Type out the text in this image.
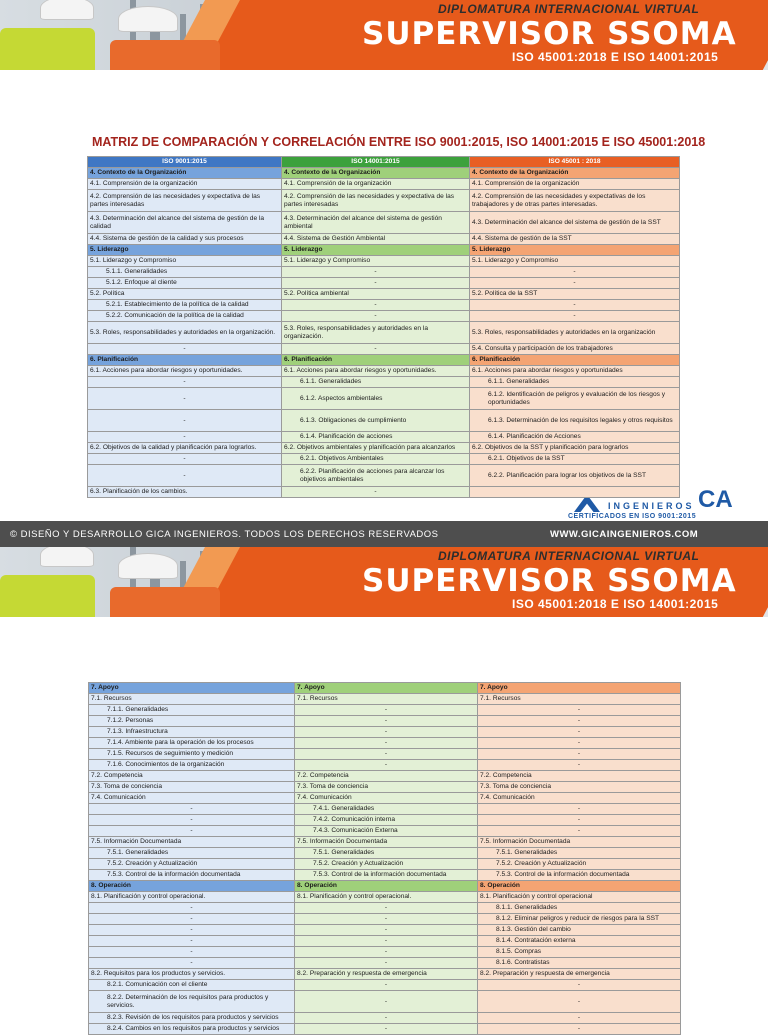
DIPLOMATURA INTERNACIONAL VIRTUAL
SUPERVISOR SSOMA
ISO 45001:2018 E ISO 14001:2015
MATRIZ DE COMPARACIÓN Y CORRELACIÓN ENTRE ISO 9001:2015, ISO 14001:2015 E ISO 45001:2018
ISO 9001:2015	ISO 14001:2015	ISO 45001 : 2018
4. Contexto de la Organización	4. Contexto de la Organización	4. Contexto de la Organización
4.1. Comprensión de la organización	4.1. Comprensión de la organización	4.1. Comprensión de la organización
4.2. Comprensión de las necesidades y expectativa de las partes interesadas	4.2. Comprensión de las necesidades y expectativa de las partes interesadas	4.2. Comprensión de las necesidades y expectativas de los trabajadores y de otras partes interesadas.
4.3. Determinación del alcance del sistema de gestión de la calidad	4.3. Determinación del alcance del sistema de gestión ambiental	4.3. Determinación del alcance del sistema de gestión de la SST
4.4. Sistema de gestión de la calidad y sus procesos	4.4. Sistema de Gestión Ambiental	4.4. Sistema de gestión de la SST
5. Liderazgo	5. Liderazgo	5. Liderazgo
5.1. Liderazgo y Compromiso	5.1. Liderazgo y Compromiso	5.1. Liderazgo y Compromiso
5.1.1. Generalidades	-	-
5.1.2. Enfoque al cliente	-	-
5.2. Política	5.2. Política ambiental	5.2. Política de la SST
5.2.1. Establecimiento de la política de la calidad	-	-
5.2.2. Comunicación de la política de la calidad	-	-
5.3. Roles, responsabilidades y autoridades en la organización.	5.3. Roles, responsabilidades y autoridades en la organización.	5.3. Roles, responsabilidades y autoridades en la organización
-	-	5.4. Consulta y participación de los trabajadores
6. Planificación	6. Planificación	6. Planificación
6.1. Acciones para abordar riesgos y oportunidades.	6.1. Acciones para abordar riesgos y oportunidades.	6.1. Acciones para abordar riesgos y oportunidades
-	6.1.1. Generalidades	6.1.1. Generalidades
-	6.1.2. Aspectos ambientales	6.1.2. Identificación de peligros y evaluación de los riesgos y oportunidades
-	6.1.3. Obligaciones de cumplimiento	6.1.3. Determinación de los requisitos legales y otros requisitos
-	6.1.4. Planificación de acciones	6.1.4. Planificación de Acciones
6.2. Objetivos de la calidad y planificación para lograrlos.	6.2. Objetivos ambientales y planificación para alcanzarlos	6.2. Objetivos de la SST y planificación para lograrlos
-	6.2.1. Objetivos Ambientales	6.2.1. Objetivos de la SST
-	6.2.2. Planificación de acciones para alcanzar los objetivos ambientales	6.2.2. Planificación para lograr los objetivos de la SST
6.3. Planificación de los cambios.	-	
INGENIEROS CA
CERTIFICADOS EN ISO 9001:2015
© DISEÑO Y DESARROLLO GICA INGENIEROS. TODOS LOS DERECHOS RESERVADOS	WWW.GICAINGENIEROS.COM
DIPLOMATURA INTERNACIONAL VIRTUAL
SUPERVISOR SSOMA
ISO 45001:2018 E ISO 14001:2015
7. Apoyo	7. Apoyo	7. Apoyo
7.1. Recursos	7.1. Recursos	7.1. Recursos
7.1.1. Generalidades	-	-
7.1.2. Personas	-	-
7.1.3. Infraestructura	-	-
7.1.4. Ambiente para la operación de los procesos	-	-
7.1.5. Recursos de seguimiento y medición	-	-
7.1.6. Conocimientos de la organización	-	-
7.2. Competencia	7.2. Competencia	7.2. Competencia
7.3. Toma de conciencia	7.3. Toma de conciencia	7.3. Toma de conciencia
7.4. Comunicación	7.4. Comunicación	7.4. Comunicación
-	7.4.1. Generalidades	-
-	7.4.2. Comunicación interna	-
-	7.4.3. Comunicación Externa	-
7.5. Información Documentada	7.5. Información Documentada	7.5. Información Documentada
7.5.1. Generalidades	7.5.1. Generalidades	7.5.1. Generalidades
7.5.2. Creación y Actualización	7.5.2. Creación y Actualización	7.5.2. Creación y Actualización
7.5.3. Control de la información documentada	7.5.3. Control de la información documentada	7.5.3. Control de la información documentada
8. Operación	8. Operación	8. Operación
8.1. Planificación y control operacional.	8.1. Planificación y control operacional.	8.1. Planificación y control operacional
-	-	8.1.1. Generalidades
-	-	8.1.2. Eliminar peligros y reducir de riesgos para la SST
-	-	8.1.3. Gestión del cambio
-	-	8.1.4. Contratación externa
-	-	8.1.5. Compras
-	-	8.1.6. Contratistas
8.2. Requisitos para los productos y servicios.	8.2. Preparación y respuesta de emergencia	8.2. Preparación y respuesta de emergencia
8.2.1. Comunicación con el cliente	-	-
8.2.2. Determinación de los requisitos para productos y servicios.	-	-
8.2.3. Revisión de los requisitos para productos y servicios	-	-
8.2.4. Cambios en los requisitos para productos y servicios	-	-
